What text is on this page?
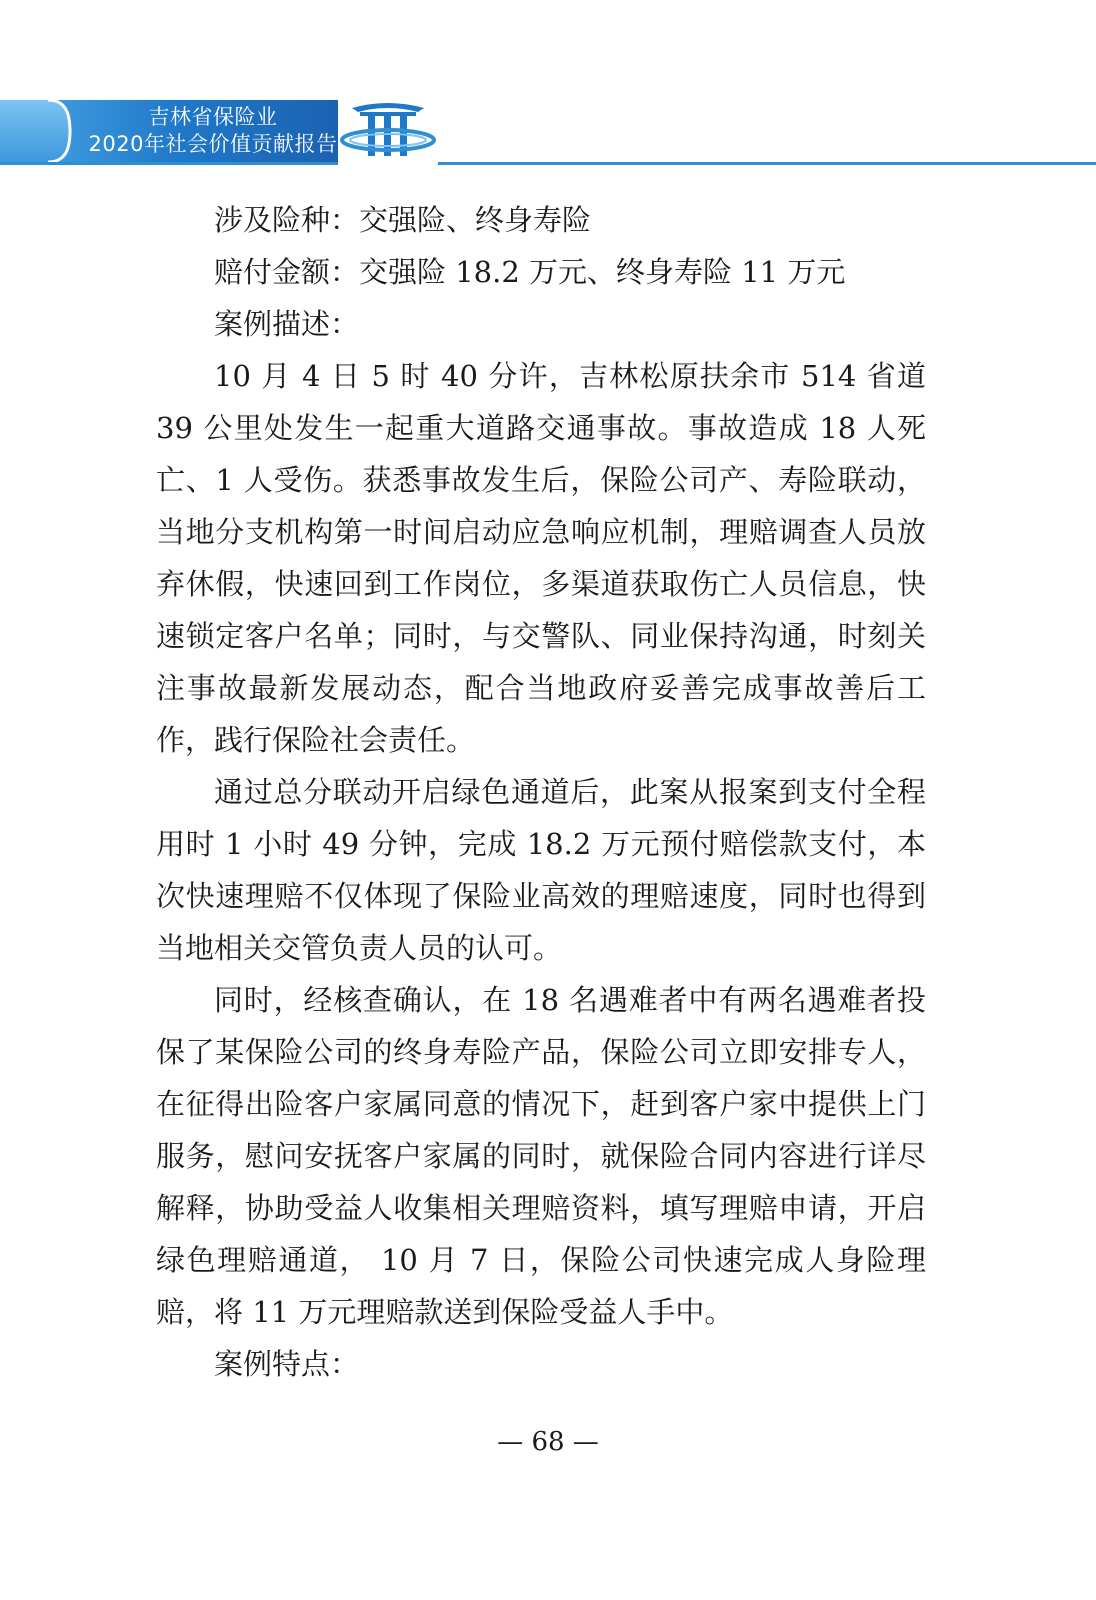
吉林省保险业
2020年社会价值贡献报告

涉及险种：交强险、终身寿险

赔付金额：交强险 18.2 万元、终身寿险 11 万元

案例描述：

10 月 4 日 5 时 40 分许，吉林松原扶余市 514 省道 39 公里处发生一起重大道路交通事故。事故造成 18 人死亡、1 人受伤。获悉事故发生后，保险公司产、寿险联动，当地分支机构第一时间启动应急响应机制，理赔调查人员放弃休假，快速回到工作岗位，多渠道获取伤亡人员信息，快速锁定客户名单；同时，与交警队、同业保持沟通，时刻关注事故最新发展动态，配合当地政府妥善完成事故善后工作，践行保险社会责任。

通过总分联动开启绿色通道后，此案从报案到支付全程用时 1 小时 49 分钟，完成 18.2 万元预付赔偿款支付，本次快速理赔不仅体现了保险业高效的理赔速度，同时也得到当地相关交管负责人员的认可。

同时，经核查确认，在 18 名遇难者中有两名遇难者投保了某保险公司的终身寿险产品，保险公司立即安排专人，在征得出险客户家属同意的情况下，赶到客户家中提供上门服务，慰问安抚客户家属的同时，就保险合同内容进行详尽解释，协助受益人收集相关理赔资料，填写理赔申请，开启绿色理赔通道， 10 月 7 日，保险公司快速完成人身险理赔，将 11 万元理赔款送到保险受益人手中。

案例特点：

— 68 —
